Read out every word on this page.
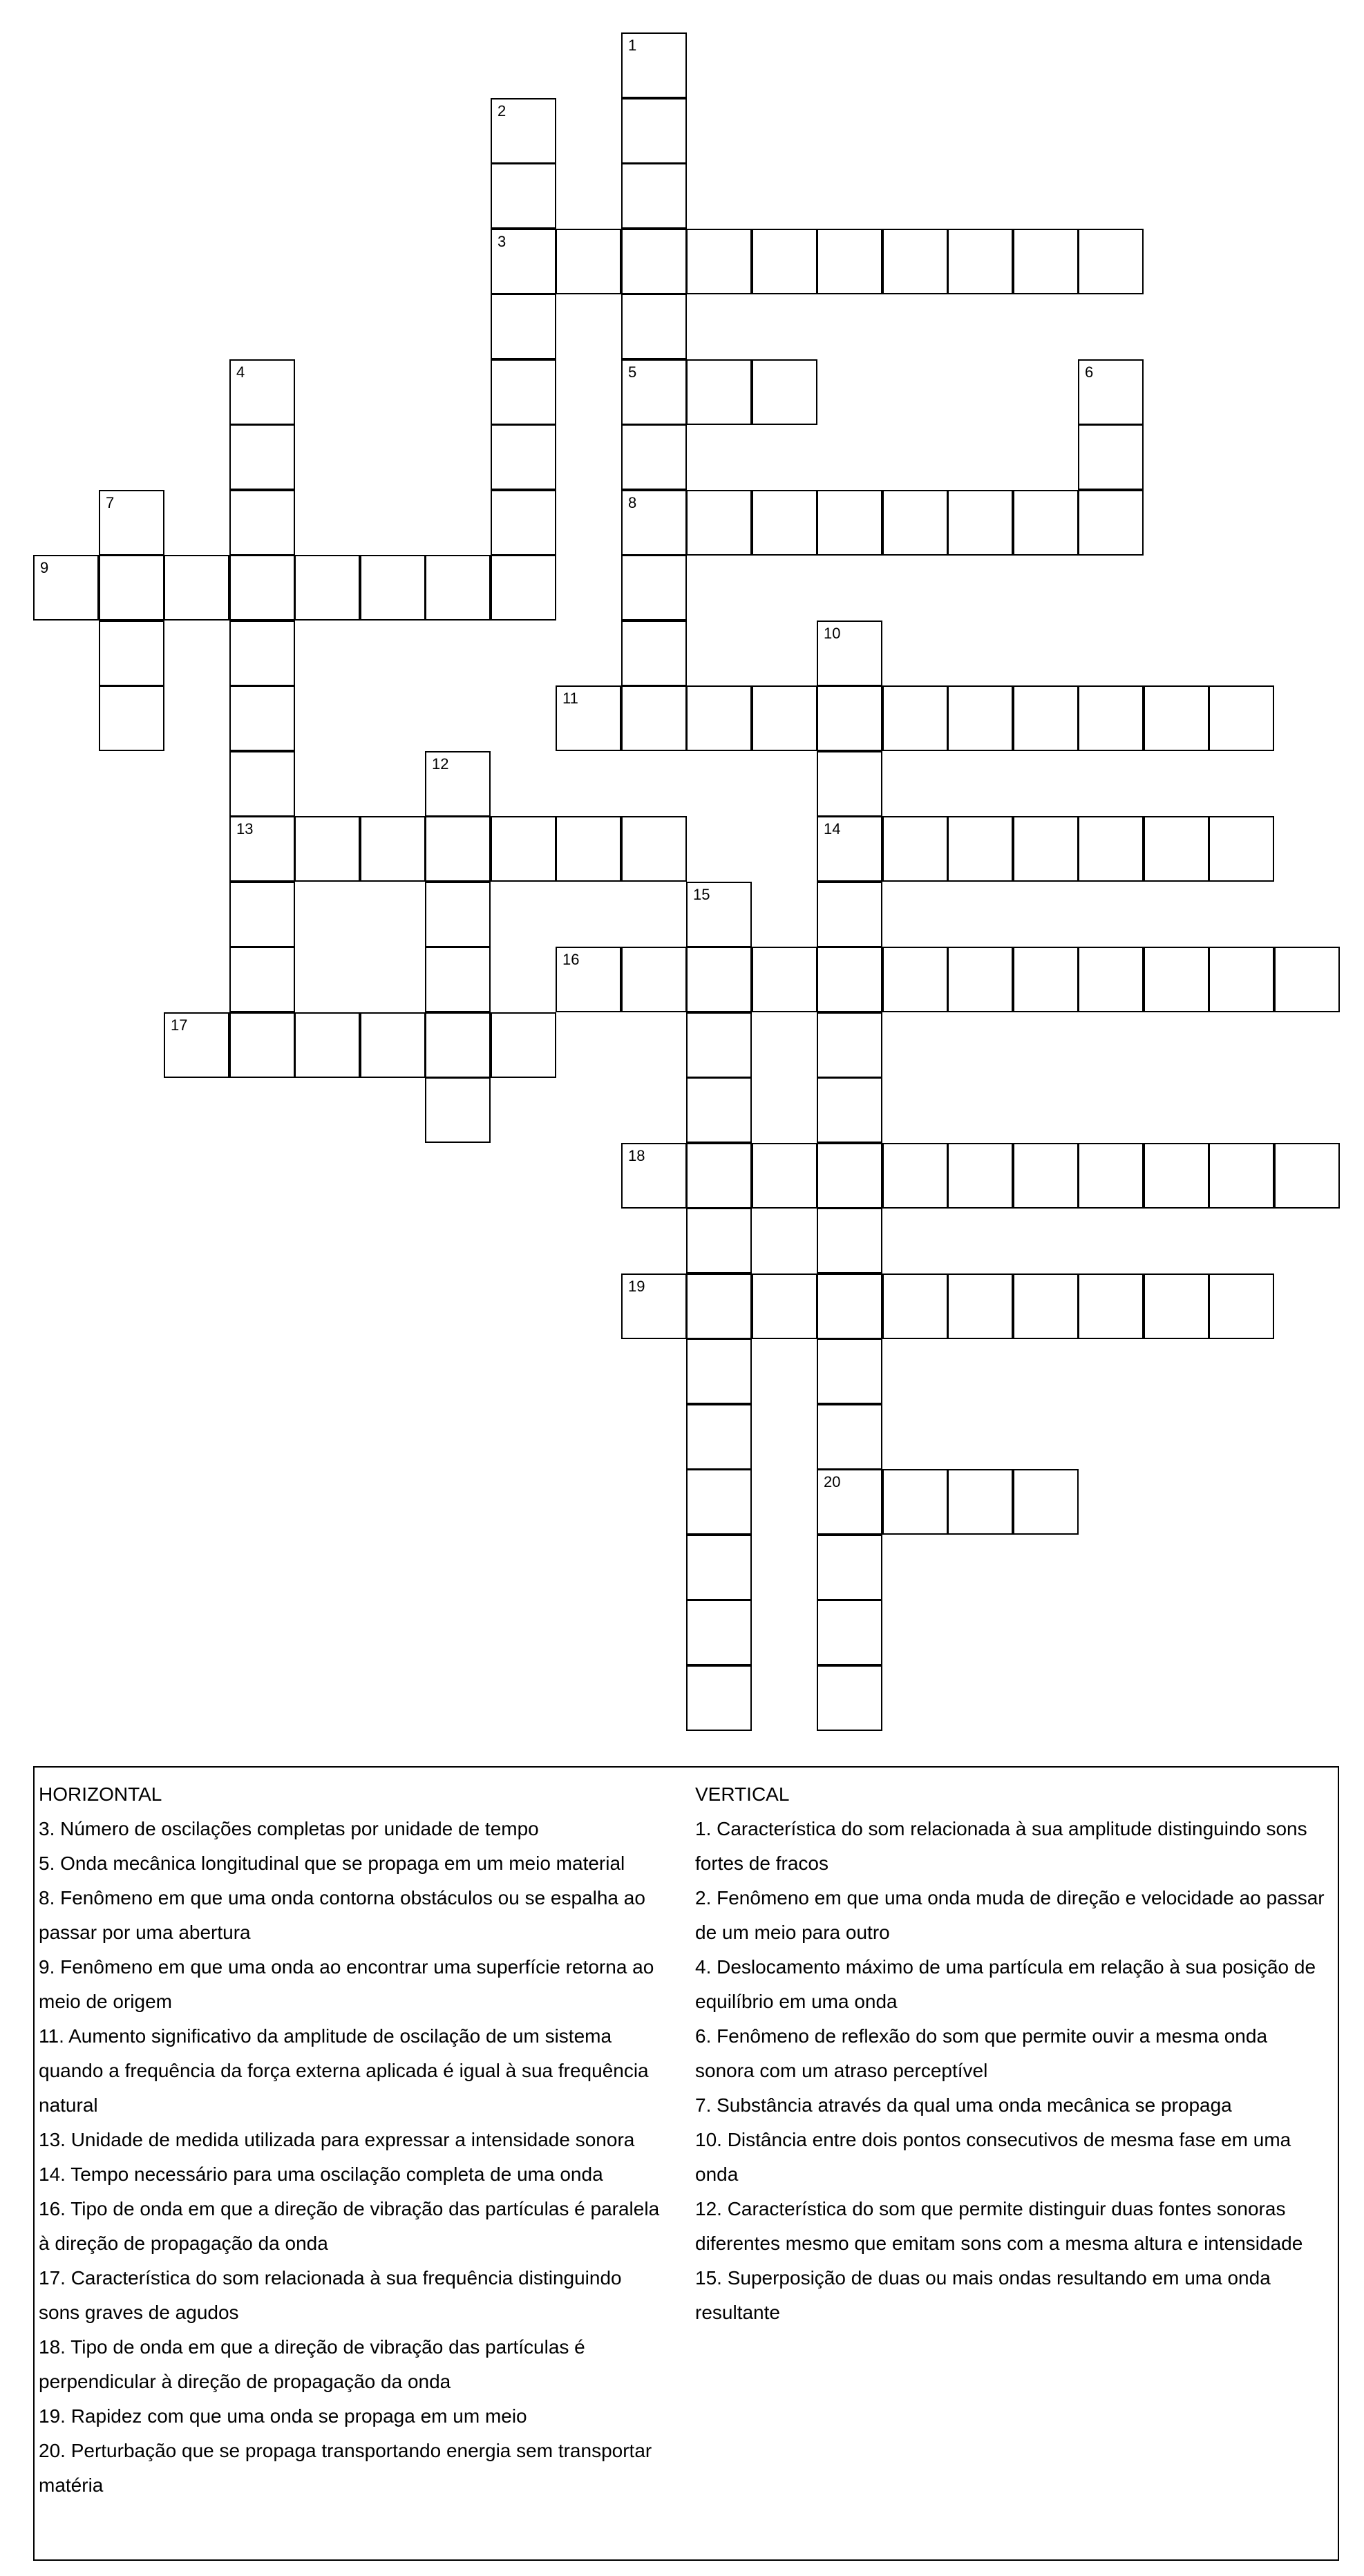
1
5
8
2
3
4
13
6
7
9
10
14
20
11
12
15
16
17
18
19
HORIZONTAL

3. Número de oscilações completas por unidade de tempo

5. Onda mecânica longitudinal que se propaga em um meio material

8. Fenômeno em que uma onda contorna obstáculos ou se espalha ao passar por uma abertura

9. Fenômeno em que uma onda ao encontrar uma superfície retorna ao meio de origem

11. Aumento significativo da amplitude de oscilação de um sistema quando a frequência da força externa aplicada é igual à sua frequência natural

13. Unidade de medida utilizada para expressar a intensidade sonora

14. Tempo necessário para uma oscilação completa de uma onda

16. Tipo de onda em que a direção de vibração das partículas é paralela à direção de propagação da onda

17. Característica do som relacionada à sua frequência distinguindo sons graves de agudos

18. Tipo de onda em que a direção de vibração das partículas é perpendicular à direção de propagação da onda

19. Rapidez com que uma onda se propaga em um meio

20. Perturbação que se propaga transportando energia sem transportar matéria

VERTICAL

1. Característica do som relacionada à sua amplitude distinguindo sons fortes de fracos

2. Fenômeno em que uma onda muda de direção e velocidade ao passar de um meio para outro

4. Deslocamento máximo de uma partícula em relação à sua posição de equilíbrio em uma onda

6. Fenômeno de reflexão do som que permite ouvir a mesma onda sonora com um atraso perceptível

7. Substância através da qual uma onda mecânica se propaga

10. Distância entre dois pontos consecutivos de mesma fase em uma onda

12. Característica do som que permite distinguir duas fontes sonoras diferentes mesmo que emitam sons com a mesma altura e intensidade

15. Superposição de duas ou mais ondas resultando em uma onda resultante
